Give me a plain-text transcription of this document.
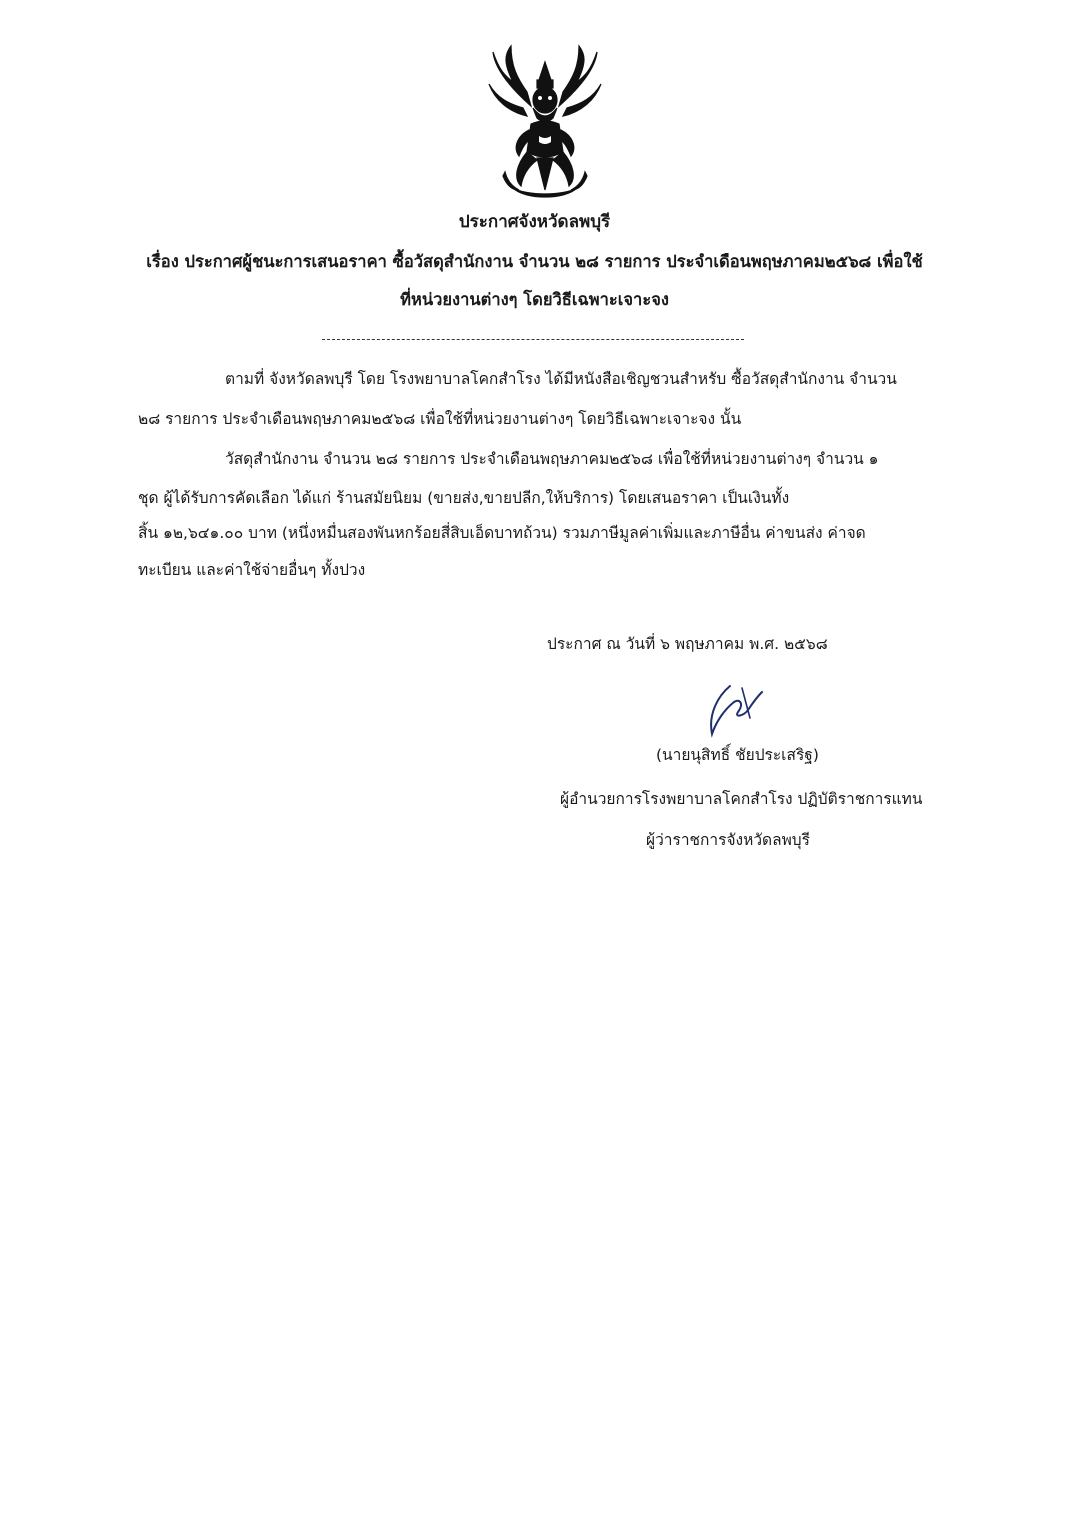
ประกาศจังหวัดลพบุรี
เรื่อง ประกาศผู้ชนะการเสนอราคา ซื้อวัสดุสำนักงาน จำนวน ๒๘ รายการ ประจำเดือนพฤษภาคม๒๕๖๘ เพื่อใช้
ที่หน่วยงานต่างๆ โดยวิธีเฉพาะเจาะจง
ตามที่ จังหวัดลพบุรี โดย โรงพยาบาลโคกสำโรง ได้มีหนังสือเชิญชวนสำหรับ ซื้อวัสดุสำนักงาน จำนวน
๒๘ รายการ ประจำเดือนพฤษภาคม๒๕๖๘ เพื่อใช้ที่หน่วยงานต่างๆ โดยวิธีเฉพาะเจาะจง นั้น
วัสดุสำนักงาน จำนวน ๒๘ รายการ ประจำเดือนพฤษภาคม๒๕๖๘ เพื่อใช้ที่หน่วยงานต่างๆ จำนวน ๑
ชุด ผู้ได้รับการคัดเลือก ได้แก่ ร้านสมัยนิยม (ขายส่ง,ขายปลีก,ให้บริการ) โดยเสนอราคา เป็นเงินทั้ง
สิ้น ๑๒,๖๔๑.๐๐ บาท (หนึ่งหมื่นสองพันหกร้อยสี่สิบเอ็ดบาทถ้วน) รวมภาษีมูลค่าเพิ่มและภาษีอื่น ค่าขนส่ง ค่าจด
ทะเบียน และค่าใช้จ่ายอื่นๆ ทั้งปวง
ประกาศ ณ วันที่ ๖ พฤษภาคม พ.ศ. ๒๕๖๘
(นายนุสิทธิ์ ชัยประเสริฐ)
ผู้อำนวยการโรงพยาบาลโคกสำโรง ปฏิบัติราชการแทน
ผู้ว่าราชการจังหวัดลพบุรี
